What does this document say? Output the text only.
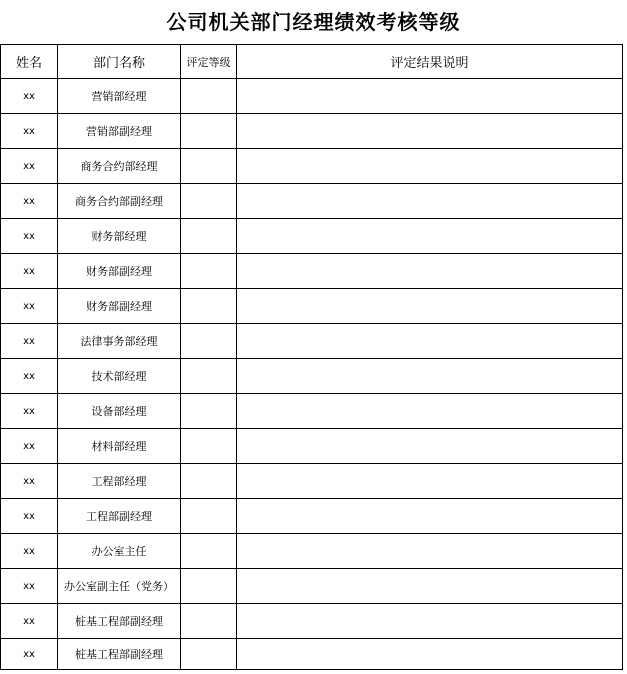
公司机关部门经理绩效考核等级
姓名	部门名称	评定等级	评定结果说明
xx	营销部经理		
xx	营销部副经理		
xx	商务合约部经理		
xx	商务合约部副经理		
xx	财务部经理		
xx	财务部副经理		
xx	财务部副经理		
xx	法律事务部经理		
xx	技术部经理		
xx	设备部经理		
xx	材料部经理		
xx	工程部经理		
xx	工程部副经理		
xx	办公室主任		
xx	办公室副主任（党务）		
xx	桩基工程部副经理		
xx	桩基工程部副经理		
